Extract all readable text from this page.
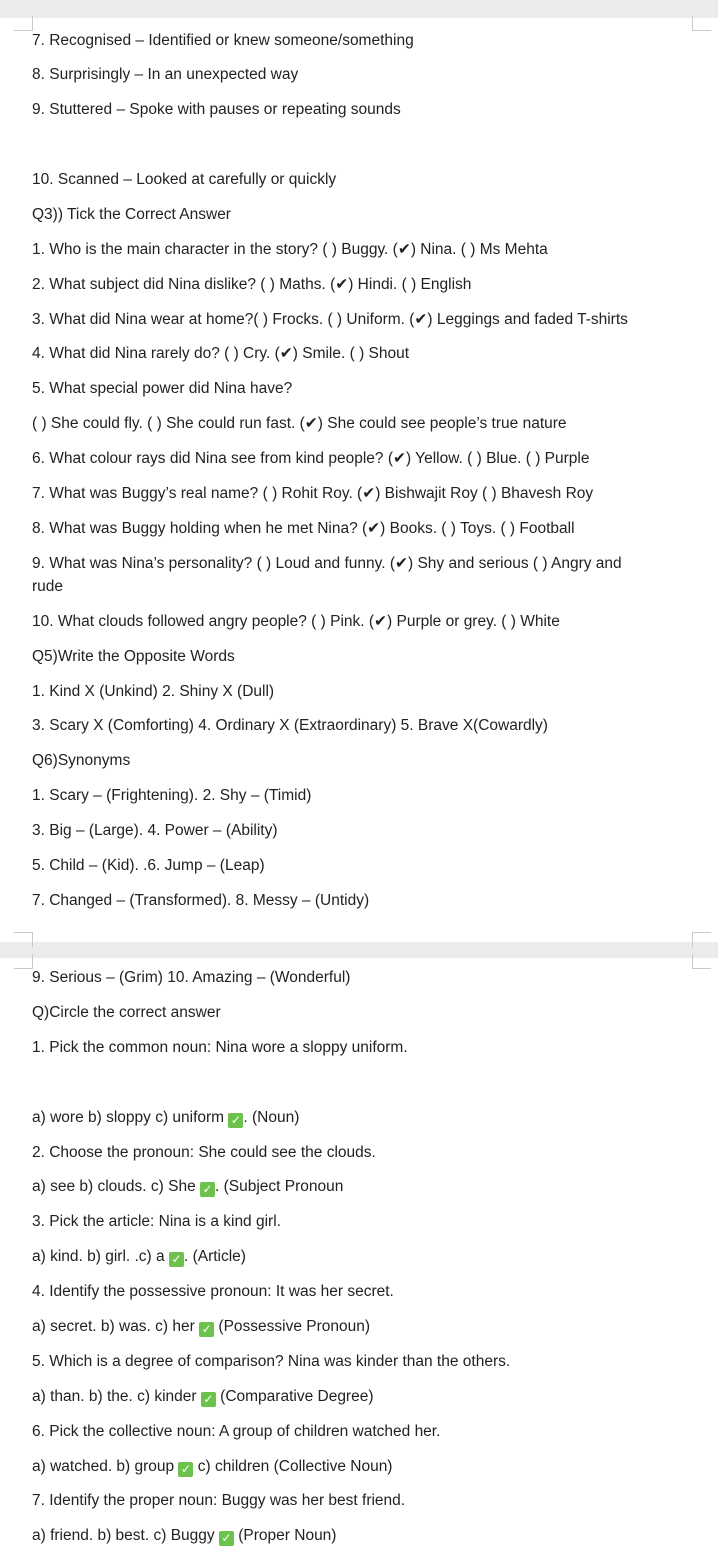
7. Recognised – Identified or knew someone/something
8. Surprisingly – In an unexpected way
9. Stuttered – Spoke with pauses or repeating sounds
10. Scanned – Looked at carefully or quickly
Q3)) Tick the Correct Answer
1. Who is the main character in the story? ( ) Buggy. (✔) Nina. ( ) Ms Mehta
2. What subject did Nina dislike? ( ) Maths. (✔) Hindi. ( ) English
3. What did Nina wear at home?( ) Frocks. ( ) Uniform. (✔) Leggings and faded T-shirts
4. What did Nina rarely do? ( ) Cry. (✔) Smile. ( ) Shout
5. What special power did Nina have?
( ) She could fly. ( ) She could run fast. (✔) She could see people’s true nature
6. What colour rays did Nina see from kind people? (✔) Yellow. ( ) Blue. ( ) Purple
7. What was Buggy’s real name? ( ) Rohit Roy. (✔) Bishwajit Roy ( ) Bhavesh Roy
8. What was Buggy holding when he met Nina? (✔) Books. ( ) Toys. ( ) Football
9. What was Nina’s personality? ( ) Loud and funny. (✔) Shy and serious ( ) Angry and
rude
10. What clouds followed angry people? ( ) Pink. (✔) Purple or grey. ( ) White
Q5)Write the Opposite Words
1. Kind X (Unkind) 2. Shiny X (Dull)
3. Scary X (Comforting) 4. Ordinary X (Extraordinary) 5. Brave X(Cowardly)
Q6)Synonyms
1. Scary – (Frightening). 2. Shy – (Timid)
3. Big – (Large). 4. Power – (Ability)
5. Child – (Kid). .6. Jump – (Leap)
7. Changed – (Transformed). 8. Messy – (Untidy)
9. Serious – (Grim) 10. Amazing – (Wonderful)
Q)Circle the correct answer
1. Pick the common noun: Nina wore a sloppy uniform.
a) wore b) sloppy c) uniform ✓ . (Noun)
2. Choose the pronoun: She could see the clouds.
a) see b) clouds. c) She ✓ . (Subject Pronoun
3. Pick the article: Nina is a kind girl.
a) kind. b) girl. .c) a ✓ . (Article)
4. Identify the possessive pronoun: It was her secret.
a) secret. b) was. c) her ✓ (Possessive Pronoun)
5. Which is a degree of comparison? Nina was kinder than the others.
a) than. b) the. c) kinder ✓ (Comparative Degree)
6. Pick the collective noun: A group of children watched her.
a) watched. b) group ✓ c) children (Collective Noun)
7. Identify the proper noun: Buggy was her best friend.
a) friend. b) best. c) Buggy ✓ (Proper Noun)
